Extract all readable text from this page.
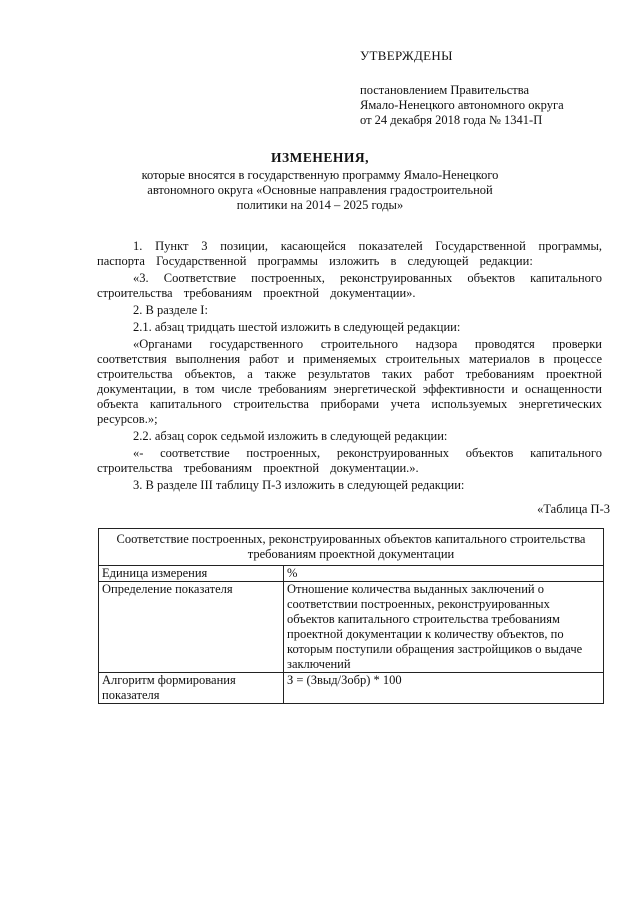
УТВЕРЖДЕНЫ
постановлением Правительства
Ямало-Ненецкого автономного округа
от 24 декабря 2018 года № 1341-П
ИЗМЕНЕНИЯ,
которые вносятся в государственную программу Ямало-Ненецкого
автономного округа «Основные направления градостроительной
политики на 2014 – 2025 годы»

1. Пункт 3 позиции, касающейся показателей Государственной программы, паспорта Государственной программы изложить в следующей редакции:

«3. Соответствие построенных, реконструированных объектов капитального строительства требованиям проектной документации».

2. В разделе I:

2.1. абзац тридцать шестой изложить в следующей редакции:

«Органами государственного строительного надзора проводятся проверки соответствия выполнения работ и применяемых строительных материалов в процессе строительства объектов, а также результатов таких работ требованиям проектной документации, в том числе требованиям энергетической эффективности и оснащенности объекта капитального строительства приборами учета используемых энергетических ресурсов.»;

2.2. абзац сорок седьмой изложить в следующей редакции:

«- соответствие построенных, реконструированных объектов капитального строительства требованиям проектной документации.».

3. В разделе III таблицу П-3 изложить в следующей редакции:

«Таблица П-3
Соответствие построенных, реконструированных объектов капитального строительства требованиям проектной документации	
Единица измерения	%
Определение показателя	Отношение количества выданных заключений о соответствии построенных, реконструированных объектов капитального строительства требованиям проектной документации к количеству объектов, по которым поступили обращения застройщиков о выдаче заключений
Алгоритм формирования показателя	З = (Звыд/Зобр) * 100
